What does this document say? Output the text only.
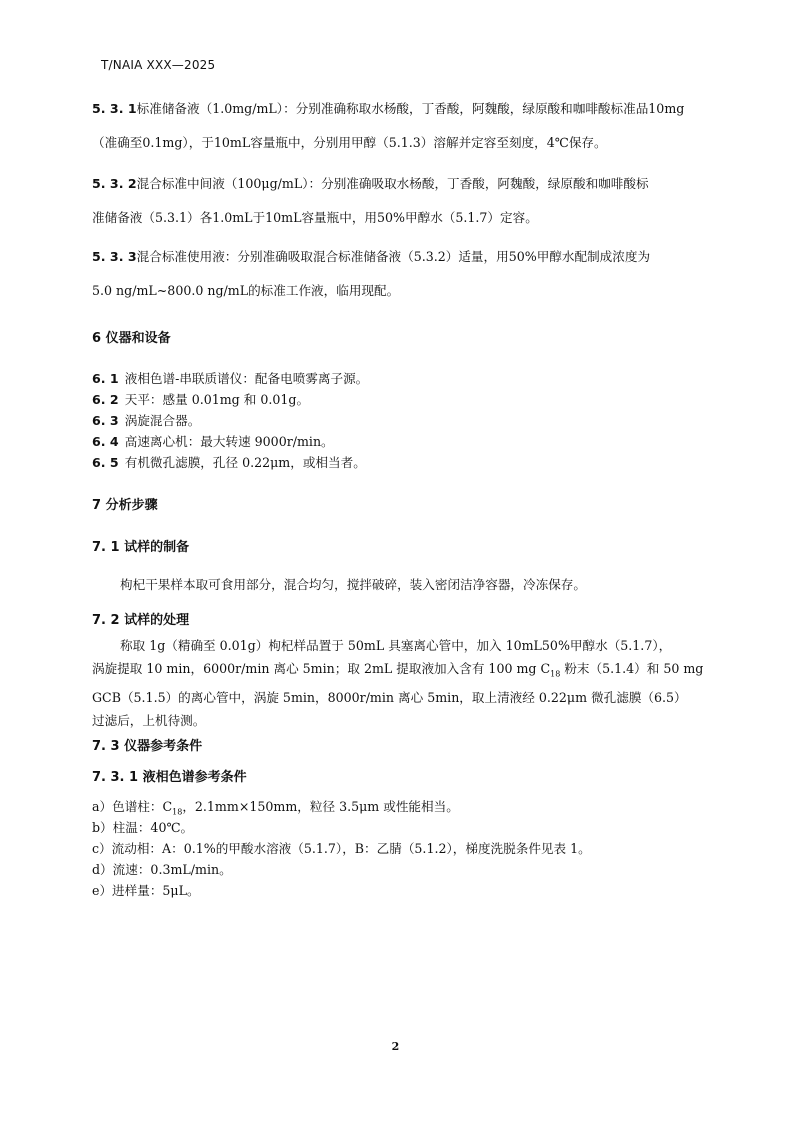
T/NAIA XXX—2025
5. 3. 1标准储备液（1.0mg/mL）：分别准确称取水杨酸，丁香酸，阿魏酸，绿原酸和咖啡酸标准品10mg
（准确至0.1mg），于10mL容量瓶中，分别用甲醇（5.1.3）溶解并定容至刻度，4℃保存。
5. 3. 2混合标准中间液（100μg/mL）：分别准确吸取水杨酸，丁香酸，阿魏酸，绿原酸和咖啡酸标
准储备液（5.3.1）各1.0mL于10mL容量瓶中，用50%甲醇水（5.1.7）定容。
5. 3. 3混合标准使用液：分别准确吸取混合标准储备液（5.3.2）适量，用50%甲醇水配制成浓度为
5.0 ng/mL~800.0 ng/mL的标准工作液，临用现配。
6 仪器和设备
6. 1 液相色谱-串联质谱仪：配备电喷雾离子源。
6. 2 天平：感量 0.01mg 和 0.01g。
6. 3 涡旋混合器。
6. 4 高速离心机：最大转速 9000r/min。
6. 5 有机微孔滤膜，孔径 0.22μm，或相当者。
7 分析步骤
7. 1 试样的制备
枸杞干果样本取可食用部分，混合均匀，搅拌破碎，装入密闭洁净容器，冷冻保存。
7. 2 试样的处理
称取 1g（精确至 0.01g）枸杞样品置于 50mL 具塞离心管中，加入 10mL50%甲醇水（5.1.7），
涡旋提取 10 min，6000r/min 离心 5min；取 2mL 提取液加入含有 100 mg $C_{18}$ 粉末（5.1.4）和 50 mg
GCB（5.1.5）的离心管中，涡旋 5min，8000r/min 离心 5min，取上清液经 0.22μm 微孔滤膜（6.5）
过滤后，上机待测。
7. 3 仪器参考条件
7. 3. 1 液相色谱参考条件
a）色谱柱：$C_{18}$，2.1mm×150mm，粒径 3.5μm 或性能相当。
b）柱温：40℃。
c）流动相：A：0.1%的甲酸水溶液（5.1.7），B：乙腈（5.1.2），梯度洗脱条件见表 1。
d）流速：0.3mL/min。
e）进样量：5μL。
2
